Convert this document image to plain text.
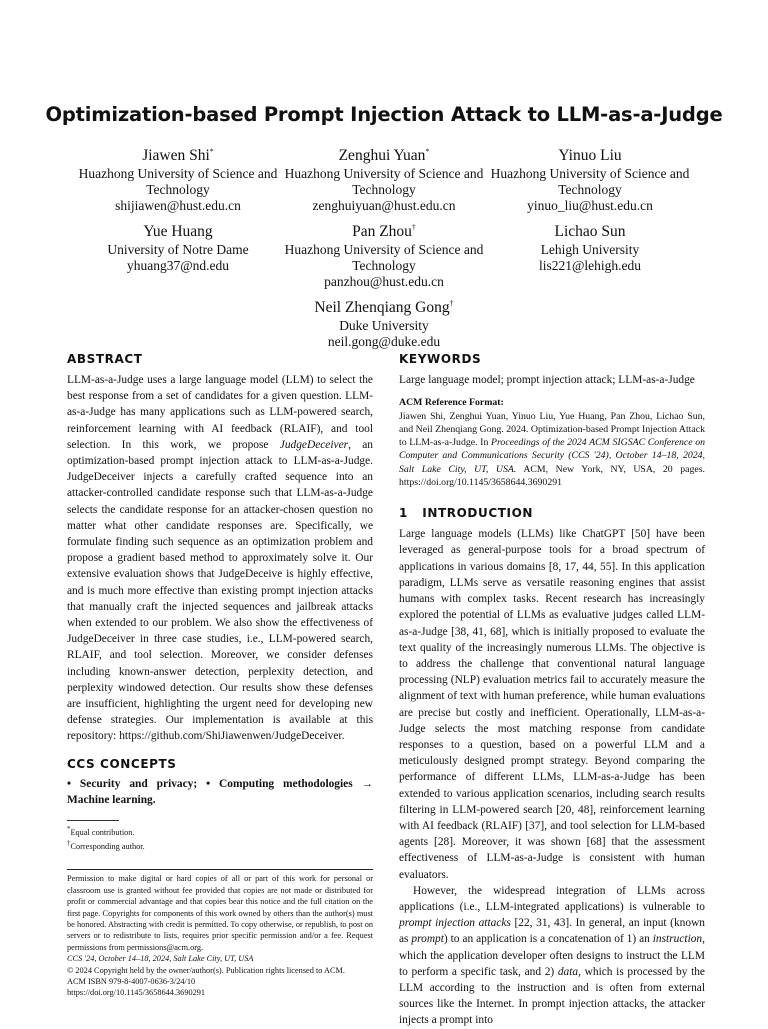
Optimization-based Prompt Injection Attack to LLM-as-a-Judge
Jiawen Shi*
Huazhong University of Science and
Technology
shijiawen@hust.edu.cn
Zenghui Yuan*
Huazhong University of Science and
Technology
zenghuiyuan@hust.edu.cn
Yinuo Liu
Huazhong University of Science and
Technology
yinuo_liu@hust.edu.cn
Yue Huang
University of Notre Dame
yhuang37@nd.edu
Pan Zhou†
Huazhong University of Science and
Technology
panzhou@hust.edu.cn
Lichao Sun
Lehigh University
lis221@lehigh.edu
Neil Zhenqiang Gong†
Duke University
neil.gong@duke.edu
ABSTRACT

LLM-as-a-Judge uses a large language model (LLM) to select the best response from a set of candidates for a given question. LLM-as-a-Judge has many applications such as LLM-powered search, reinforcement learning with AI feedback (RLAIF), and tool selection. In this work, we propose JudgeDeceiver, an optimization-based prompt injection attack to LLM-as-a-Judge. JudgeDeceiver injects a carefully crafted sequence into an attacker-controlled candidate response such that LLM-as-a-Judge selects the candidate response for an attacker-chosen question no matter what other candidate responses are. Specifically, we formulate finding such sequence as an optimization problem and propose a gradient based method to approximately solve it. Our extensive evaluation shows that JudgeDeceive is highly effective, and is much more effective than existing prompt injection attacks that manually craft the injected sequences and jailbreak attacks when extended to our problem. We also show the effectiveness of JudgeDeceiver in three case studies, i.e., LLM-powered search, RLAIF, and tool selection. Moreover, we consider defenses including known-answer detection, perplexity detection, and perplexity windowed detection. Our results show these defenses are insufficient, highlighting the urgent need for developing new defense strategies. Our implementation is available at this repository: https://github.com/ShiJiawenwen/JudgeDeceiver.

CCS CONCEPTS

• Security and privacy; • Computing methodologies → Machine learning.

*Equal contribution.

†Corresponding author.

Permission to make digital or hard copies of all or part of this work for personal or classroom use is granted without fee provided that copies are not made or distributed for profit or commercial advantage and that copies bear this notice and the full citation on the first page. Copyrights for components of this work owned by others than the author(s) must be honored. Abstracting with credit is permitted. To copy otherwise, or republish, to post on servers or to redistribute to lists, requires prior specific permission and/or a fee. Request permissions from permissions@acm.org.

CCS '24, October 14–18, 2024, Salt Lake City, UT, USA

© 2024 Copyright held by the owner/author(s). Publication rights licensed to ACM.

ACM ISBN 979-8-4007-0636-3/24/10

https://doi.org/10.1145/3658644.3690291

KEYWORDS

Large language model; prompt injection attack; LLM-as-a-Judge

ACM Reference Format:

Jiawen Shi, Zenghui Yuan, Yinuo Liu, Yue Huang, Pan Zhou, Lichao Sun, and Neil Zhenqiang Gong. 2024. Optimization-based Prompt Injection Attack to LLM-as-a-Judge. In Proceedings of the 2024 ACM SIGSAC Conference on Computer and Communications Security (CCS '24), October 14–18, 2024, Salt Lake City, UT, USA. ACM, New York, NY, USA, 20 pages. https://doi.org/10.1145/3658644.3690291

1 INTRODUCTION

Large language models (LLMs) like ChatGPT [50] have been leveraged as general-purpose tools for a broad spectrum of applications in various domains [8, 17, 44, 55]. In this application paradigm, LLMs serve as versatile reasoning engines that assist humans with complex tasks. Recent research has increasingly explored the potential of LLMs as evaluative judges called LLM-as-a-Judge [38, 41, 68], which is initially proposed to evaluate the text quality of the increasingly numerous LLMs. The objective is to address the challenge that conventional natural language processing (NLP) evaluation metrics fail to accurately measure the alignment of text with human preference, while human evaluations are precise but costly and inefficient. Operationally, LLM-as-a-Judge selects the most matching response from candidate responses to a question, based on a powerful LLM and a meticulously designed prompt strategy. Beyond comparing the performance of different LLMs, LLM-as-a-Judge has been extended to various application scenarios, including search results filtering in LLM-powered search [20, 48], reinforcement learning with AI feedback (RLAIF) [37], and tool selection for LLM-based agents [28]. Moreover, it was shown [68] that the assessment effectiveness of LLM-as-a-Judge is consistent with human evaluators.

However, the widespread integration of LLMs across applications (i.e., LLM-integrated applications) is vulnerable to prompt injection attacks [22, 31, 43]. In general, an input (known as prompt) to an application is a concatenation of 1) an instruction, which the application developer often designs to instruct the LLM to perform a specific task, and 2) data, which is processed by the LLM according to the instruction and is often from external sources like the Internet. In prompt injection attacks, the attacker injects a prompt into
